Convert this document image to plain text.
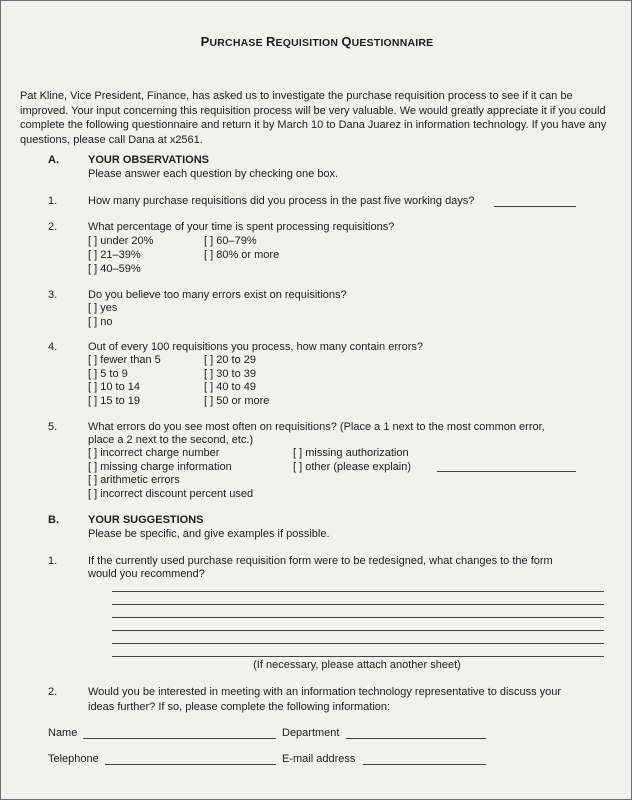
PURCHASE REQUISITION QUESTIONNAIRE
Pat Kline, Vice President, Finance, has asked us to investigate the purchase requisition process to see if it can be improved. Your input concerning this requisition process will be very valuable. We would greatly appreciate it if you could complete the following questionnaire and return it by March 10 to Dana Juarez in information technology. If you have any questions, please call Dana at x2561.
A.	YOUR OBSERVATIONS
Please answer each question by checking one box.
1.	How many purchase requisitions did you process in the past five working days?
2.	What percentage of your time is spent processing requisitions?
[ ] under 20%
[ ] 21–39%
[ ] 40–59%
[ ] 60–79%
[ ] 80% or more
3.	Do you believe too many errors exist on requisitions?
[ ] yes
[ ] no
4.	Out of every 100 requisitions you process, how many contain errors?
[ ] fewer than 5
[ ] 5 to 9
[ ] 10 to 14
[ ] 15 to 19
[ ] 20 to 29
[ ] 30 to 39
[ ] 40 to 49
[ ] 50 or more
5.	What errors do you see most often on requisitions? (Place a 1 next to the most common error,
place a 2 next to the second, etc.)
[ ] incorrect charge number
[ ] missing charge information
[ ] arithmetic errors
[ ] incorrect discount percent used
[ ] missing authorization
[ ] other (please explain)
B.	YOUR SUGGESTIONS
Please be specific, and give examples if possible.
1.	If the currently used purchase requisition form were to be redesigned, what changes to the form
would you recommend?
(If necessary, please attach another sheet)
2.	Would you be interested in meeting with an information technology representative to discuss your
ideas further? If so, please complete the following information:
Name	Department
Telephone	E-mail address
